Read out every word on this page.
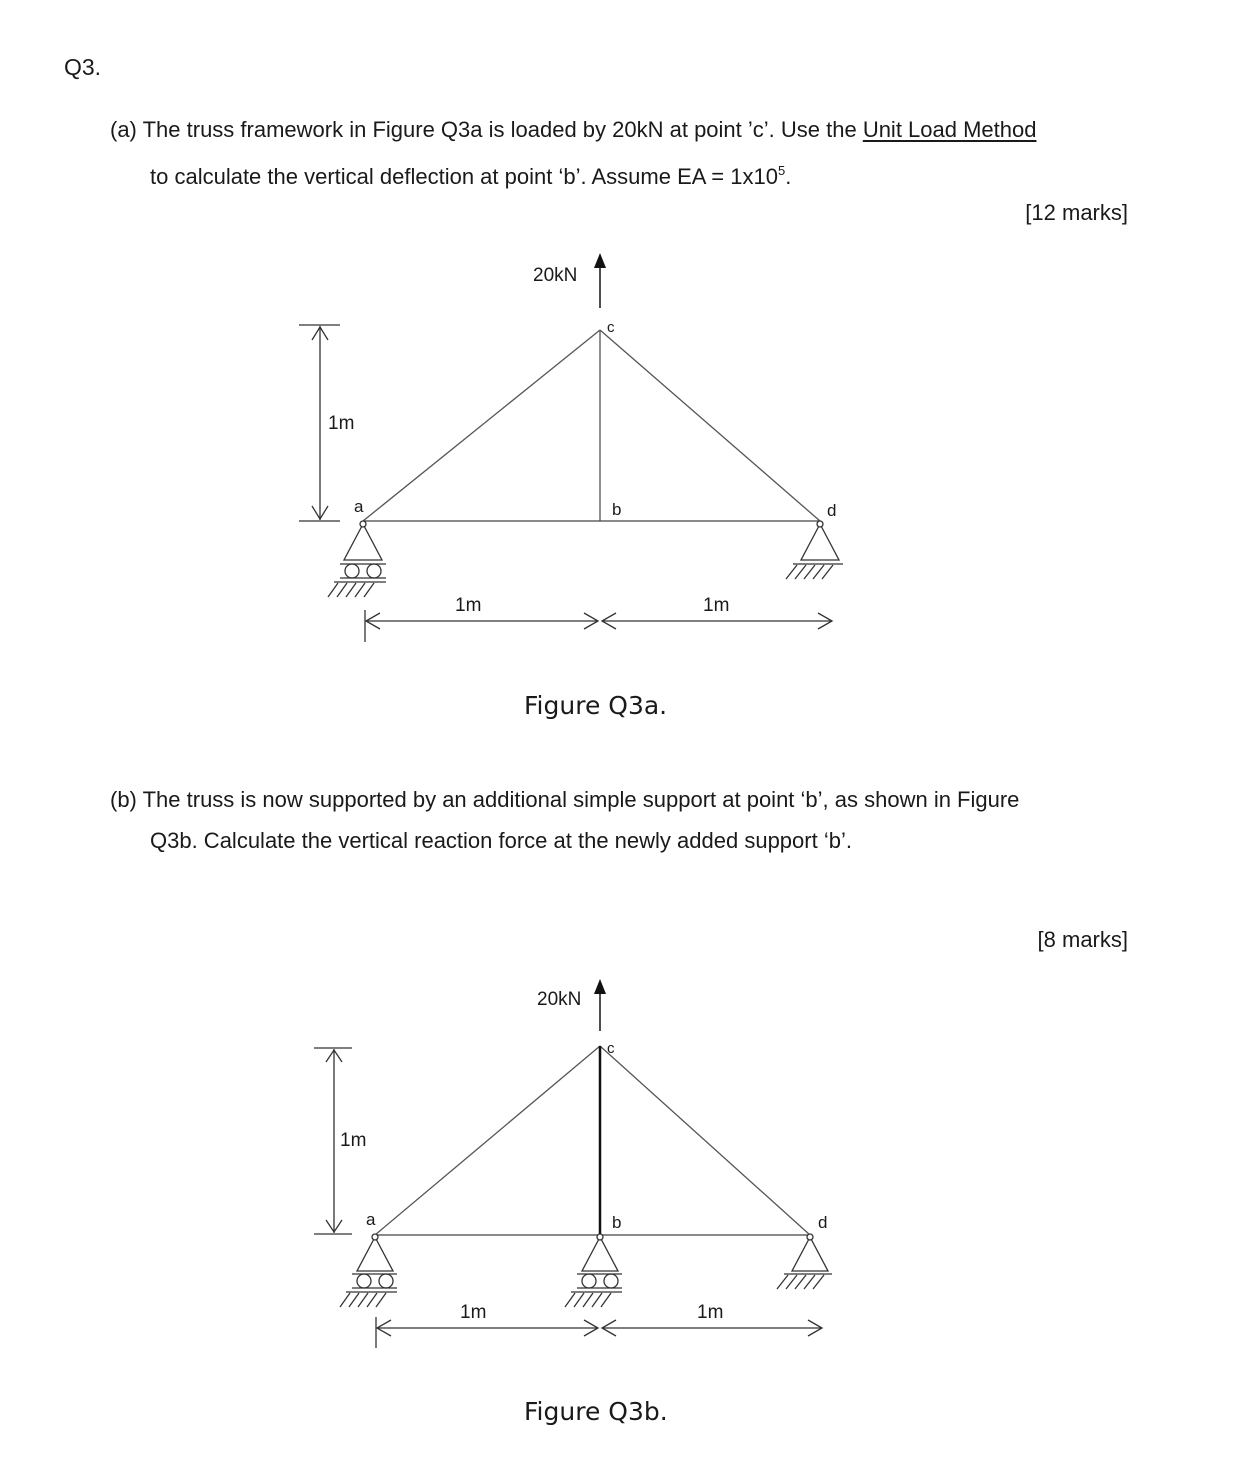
Q3.
(a) The truss framework in Figure Q3a is loaded by 20kN at point ’c’. Use the Unit Load Method
to calculate the vertical deflection at point ‘b’. Assume EA = $1x10^5$.
[12 marks]
20kN
c
a	b	d
1m
1m	1m
Figure Q3a.
(b) The truss is now supported by an additional simple support at point ‘b’, as shown in Figure
Q3b. Calculate the vertical reaction force at the newly added support ‘b’.
[8 marks]
20kN
c
a	b	d
1m
1m	1m
Figure Q3b.
